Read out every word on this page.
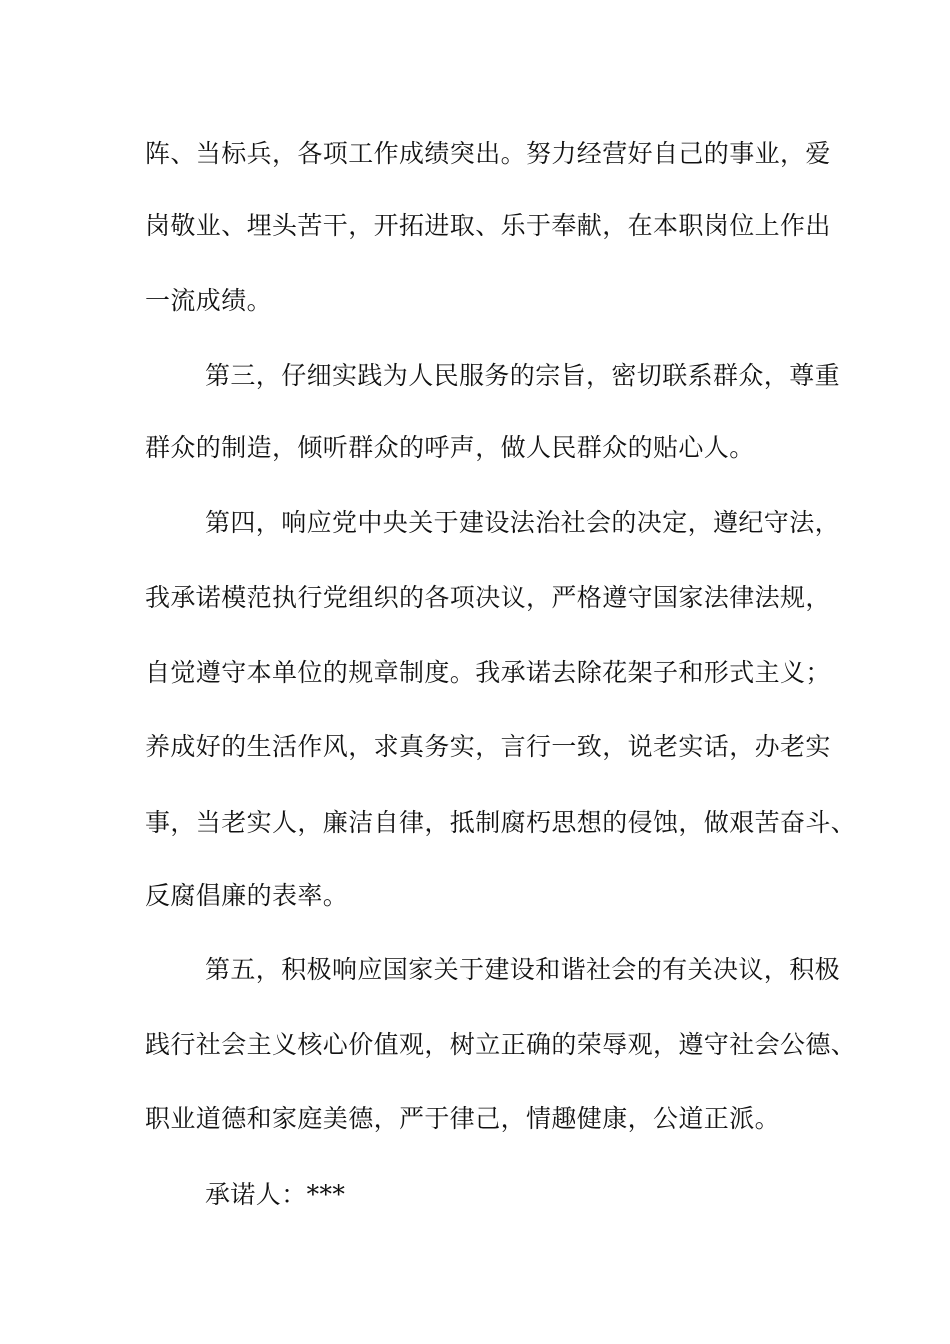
阵、当标兵，各项工作成绩突出。努力经营好自己的事业，爱
岗敬业、埋头苦干，开拓进取、乐于奉献，在本职岗位上作出
一流成绩。
第三，仔细实践为人民服务的宗旨，密切联系群众，尊重
群众的制造，倾听群众的呼声，做人民群众的贴心人。
第四，响应党中央关于建设法治社会的决定，遵纪守法，
我承诺模范执行党组织的各项决议，严格遵守国家法律法规，
自觉遵守本单位的规章制度。我承诺去除花架子和形式主义；
养成好的生活作风，求真务实，言行一致，说老实话，办老实
事，当老实人，廉洁自律，抵制腐朽思想的侵蚀，做艰苦奋斗、
反腐倡廉的表率。
第五，积极响应国家关于建设和谐社会的有关决议，积极
践行社会主义核心价值观，树立正确的荣辱观，遵守社会公德、
职业道德和家庭美德，严于律己，情趣健康，公道正派。
承诺人：***
